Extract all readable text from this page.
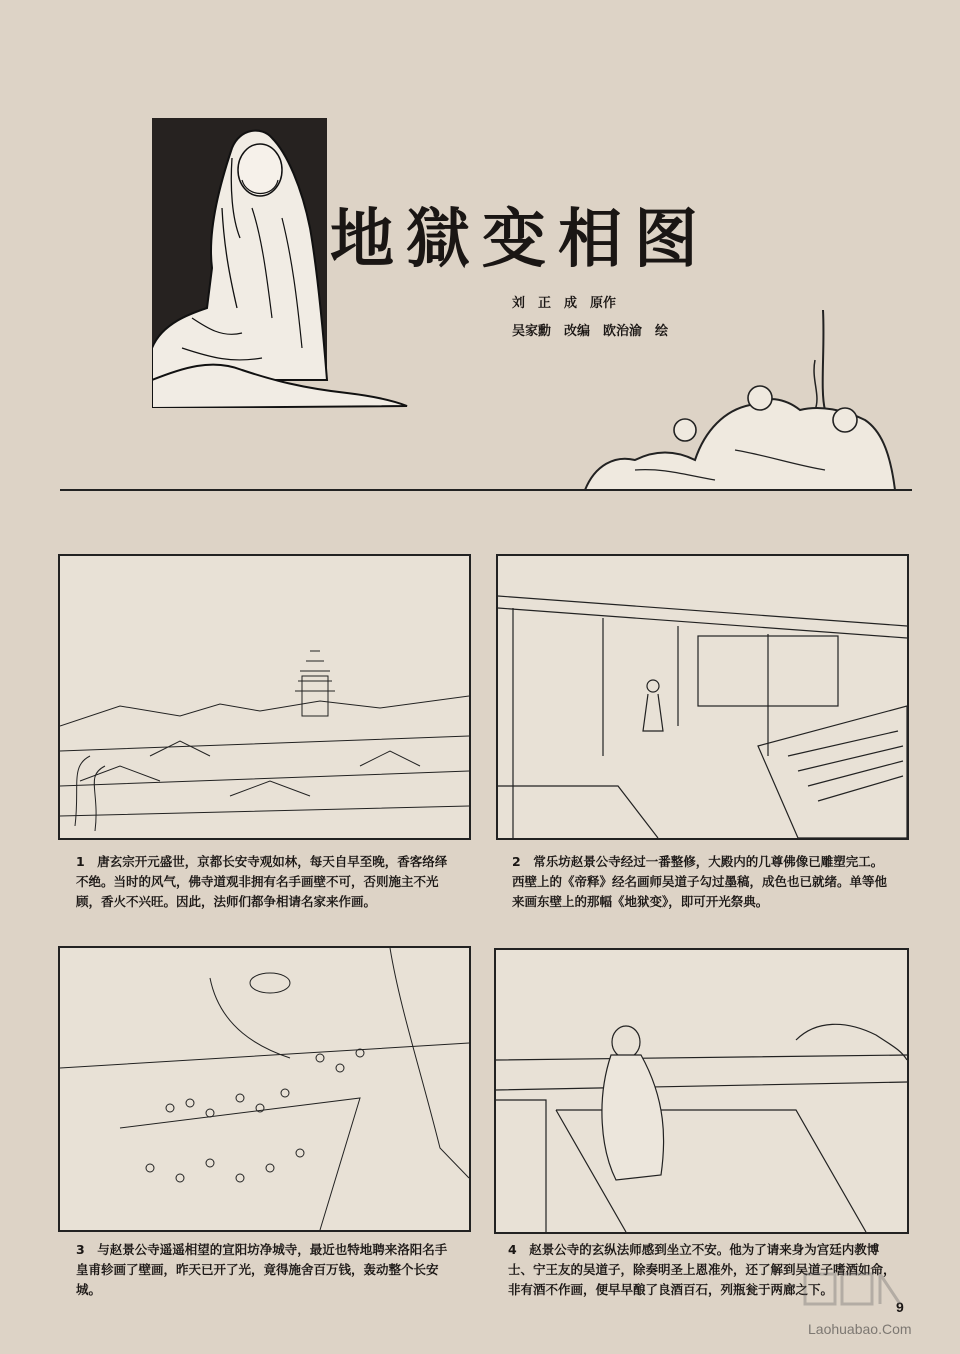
地獄变相图
刘　正　成　原作
吴家勳　改编　欧治渝　绘
1　唐玄宗开元盛世，京都长安寺观如林，每天自早至晚，香客络绎不绝。当时的风气，佛寺道观非拥有名手画壁不可，否则施主不光顾，香火不兴旺。因此，法师们都争相请名家来作画。
2　常乐坊赵景公寺经过一番整修，大殿内的几尊佛像已雕塑完工。西壁上的《帝释》经名画师吴道子勾过墨稿，成色也已就绪。单等他来画东壁上的那幅《地狱变》，即可开光祭典。
3　与赵景公寺遥遥相望的宣阳坊净城寺，最近也特地聘来洛阳名手皇甫轸画了壁画，昨天已开了光，竟得施舍百万钱，轰动整个长安城。
4　赵景公寺的玄纵法师感到坐立不安。他为了请来身为宫廷内教博士、宁王友的吴道子，除奏明圣上恩准外，还了解到吴道子嗜酒如命，非有酒不作画，便早早酿了良酒百石，列瓶瓮于两廊之下。
9
Laohuabao.Com
